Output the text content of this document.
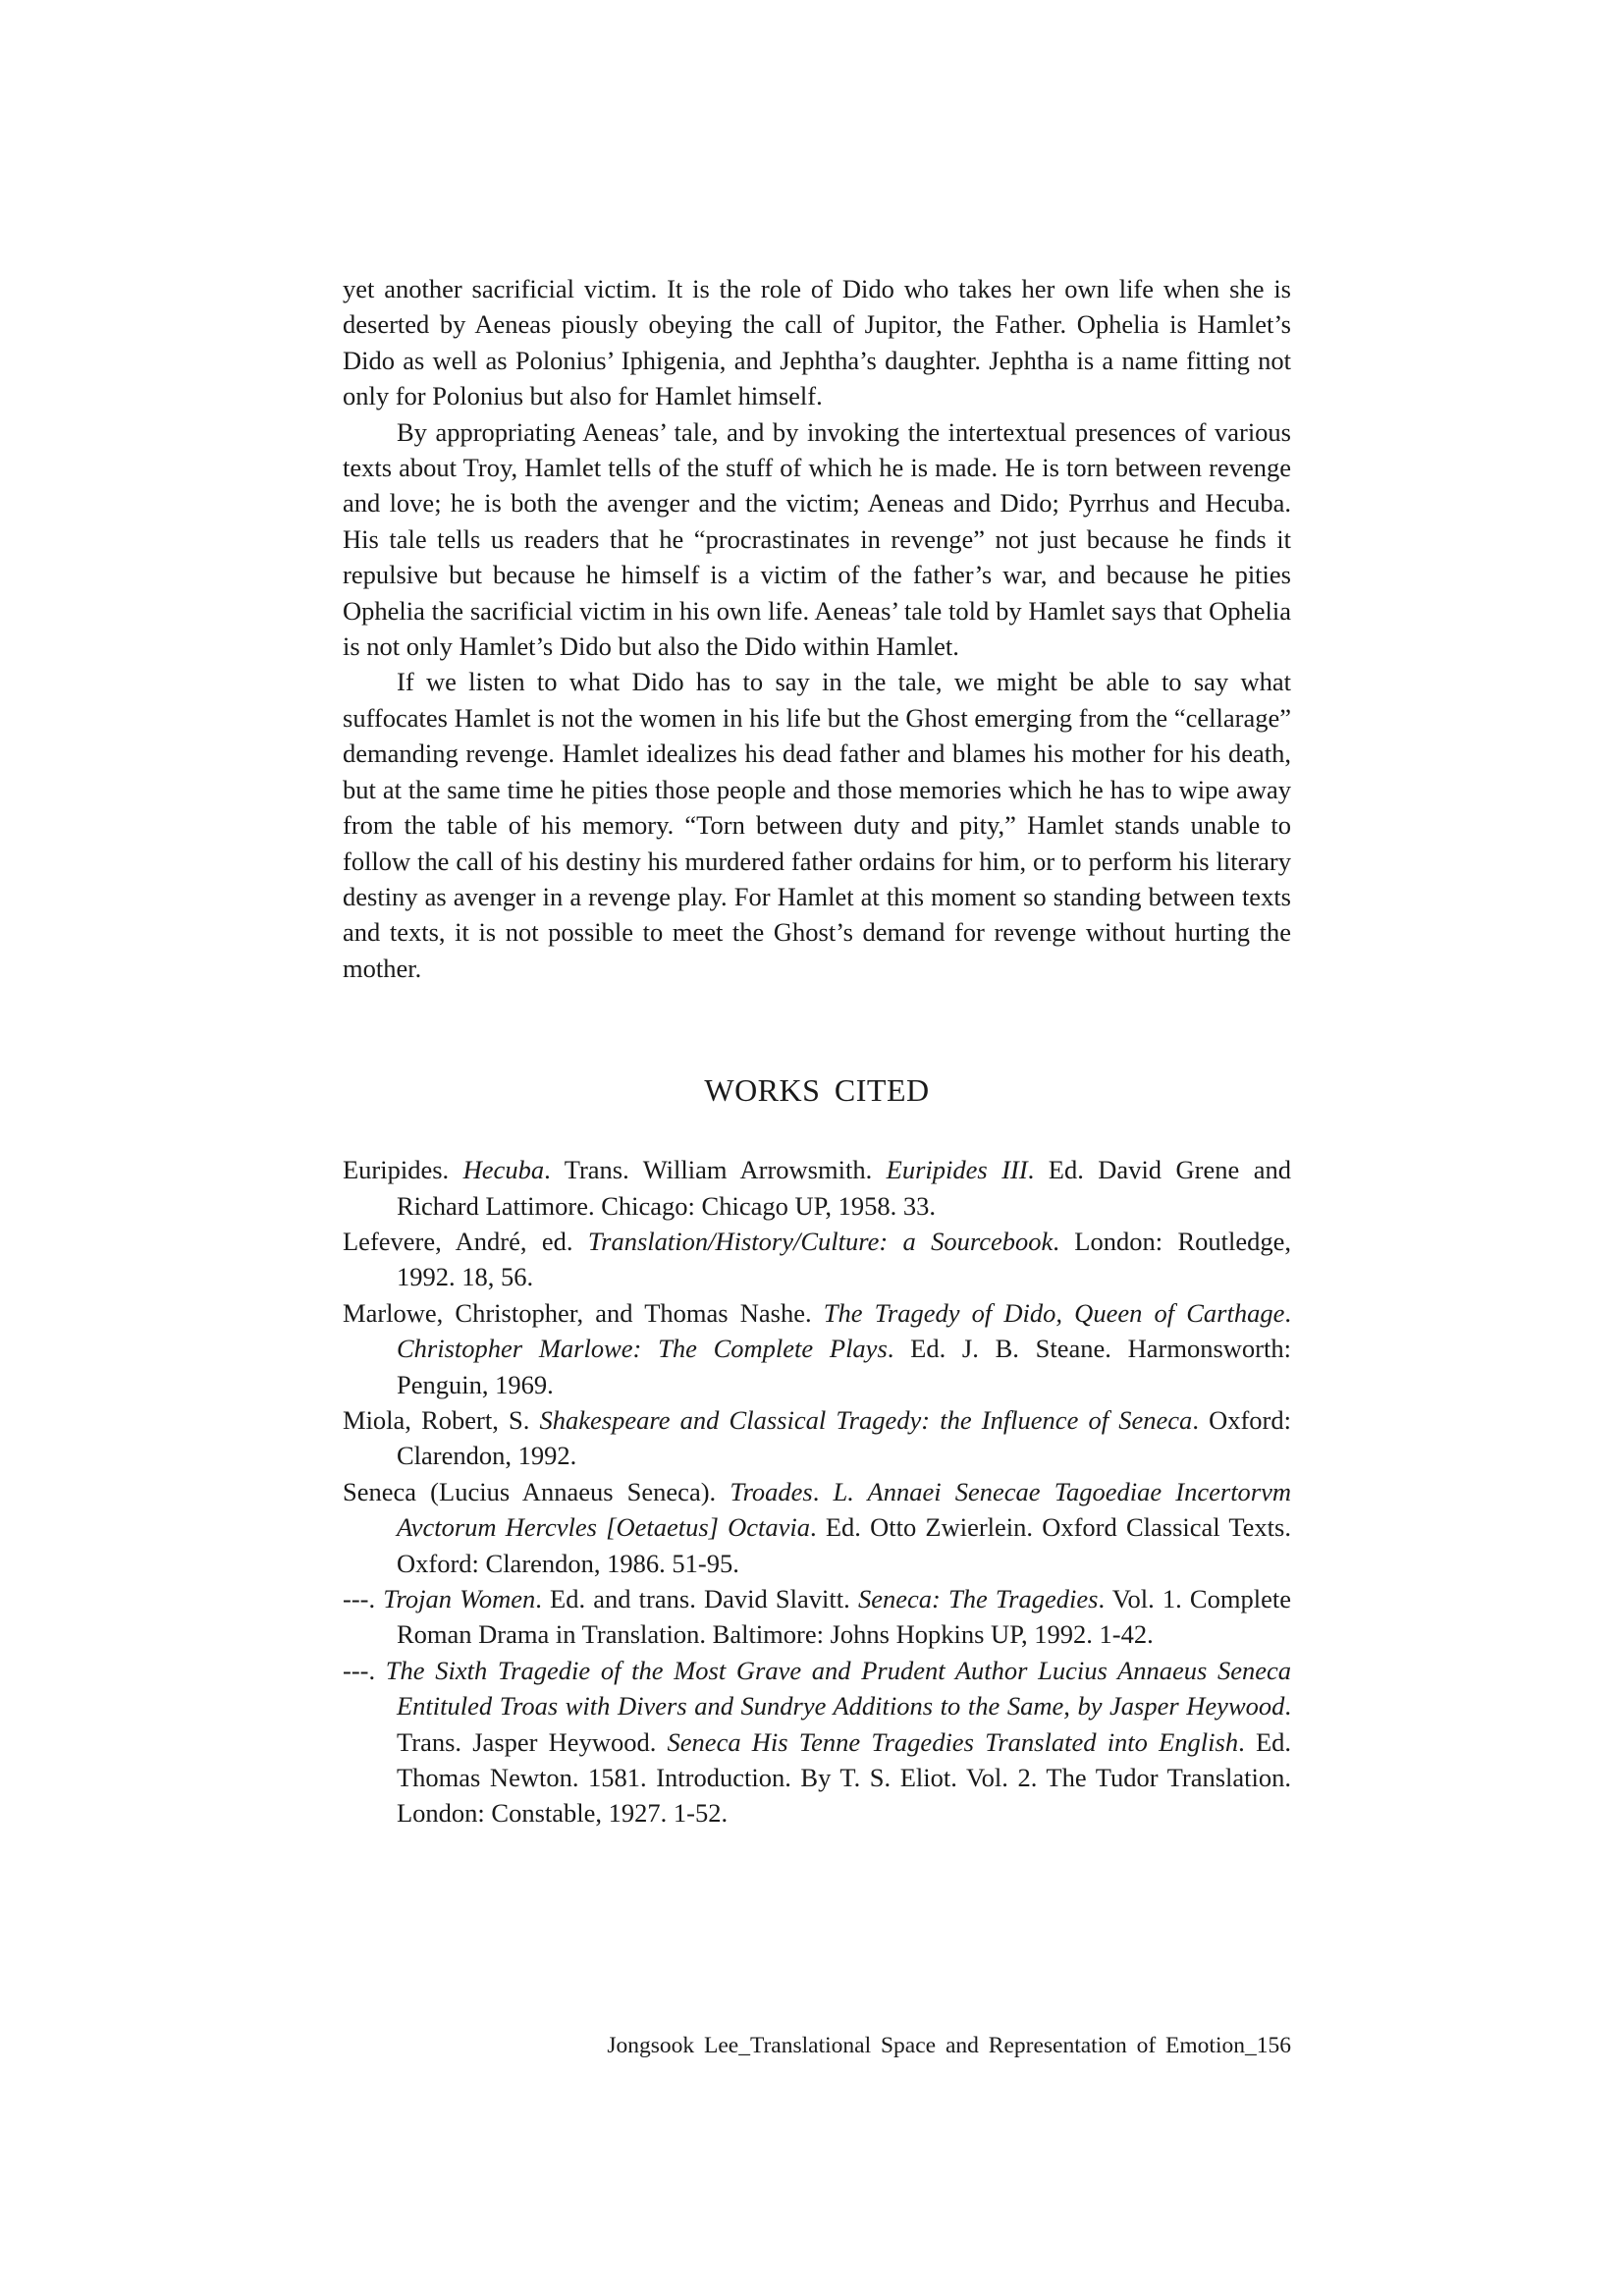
yet another sacrificial victim. It is the role of Dido who takes her own life when she is deserted by Aeneas piously obeying the call of Jupitor, the Father. Ophelia is Hamlet’s Dido as well as Polonius’ Iphigenia, and Jephtha’s daughter. Jephtha is a name fitting not only for Polonius but also for Hamlet himself.

By appropriating Aeneas’ tale, and by invoking the intertextual presences of various texts about Troy, Hamlet tells of the stuff of which he is made. He is torn between revenge and love; he is both the avenger and the victim; Aeneas and Dido; Pyrrhus and Hecuba. His tale tells us readers that he “procrastinates in revenge” not just because he finds it repulsive but because he himself is a victim of the father’s war, and because he pities Ophelia the sacrificial victim in his own life. Aeneas’ tale told by Hamlet says that Ophelia is not only Hamlet’s Dido but also the Dido within Hamlet.

If we listen to what Dido has to say in the tale, we might be able to say what suffocates Hamlet is not the women in his life but the Ghost emerging from the “cellarage” demanding revenge. Hamlet idealizes his dead father and blames his mother for his death, but at the same time he pities those people and those memories which he has to wipe away from the table of his memory. “Torn between duty and pity,” Hamlet stands unable to follow the call of his destiny his murdered father ordains for him, or to perform his literary destiny as avenger in a revenge play. For Hamlet at this moment so standing between texts and texts, it is not possible to meet the Ghost’s demand for revenge without hurting the mother.

WORKS CITED

Euripides. Hecuba. Trans. William Arrowsmith. Euripides III. Ed. David Grene and Richard Lattimore. Chicago: Chicago UP, 1958. 33.

Lefevere, André, ed. Translation/History/Culture: a Sourcebook. London: Routledge, 1992. 18, 56.

Marlowe, Christopher, and Thomas Nashe. The Tragedy of Dido, Queen of Carthage. Christopher Marlowe: The Complete Plays. Ed. J. B. Steane. Harmonsworth: Penguin, 1969.

Miola, Robert, S. Shakespeare and Classical Tragedy: the Influence of Seneca. Oxford: Clarendon, 1992.

Seneca (Lucius Annaeus Seneca). Troades. L. Annaei Senecae Tagoediae Incertorvm Avctorum Hercvles [Oetaetus] Octavia. Ed. Otto Zwierlein. Oxford Classical Texts. Oxford: Clarendon, 1986. 51-95.

---. Trojan Women. Ed. and trans. David Slavitt. Seneca: The Tragedies. Vol. 1. Complete Roman Drama in Translation. Baltimore: Johns Hopkins UP, 1992. 1-42.

---. The Sixth Tragedie of the Most Grave and Prudent Author Lucius Annaeus Seneca Entituled Troas with Divers and Sundrye Additions to the Same, by Jasper Heywood. Trans. Jasper Heywood. Seneca His Tenne Tragedies Translated into English. Ed. Thomas Newton. 1581. Introduction. By T. S. Eliot. Vol. 2. The Tudor Translation. London: Constable, 1927. 1-52.

Jongsook Lee_Translational Space and Representation of Emotion_156
